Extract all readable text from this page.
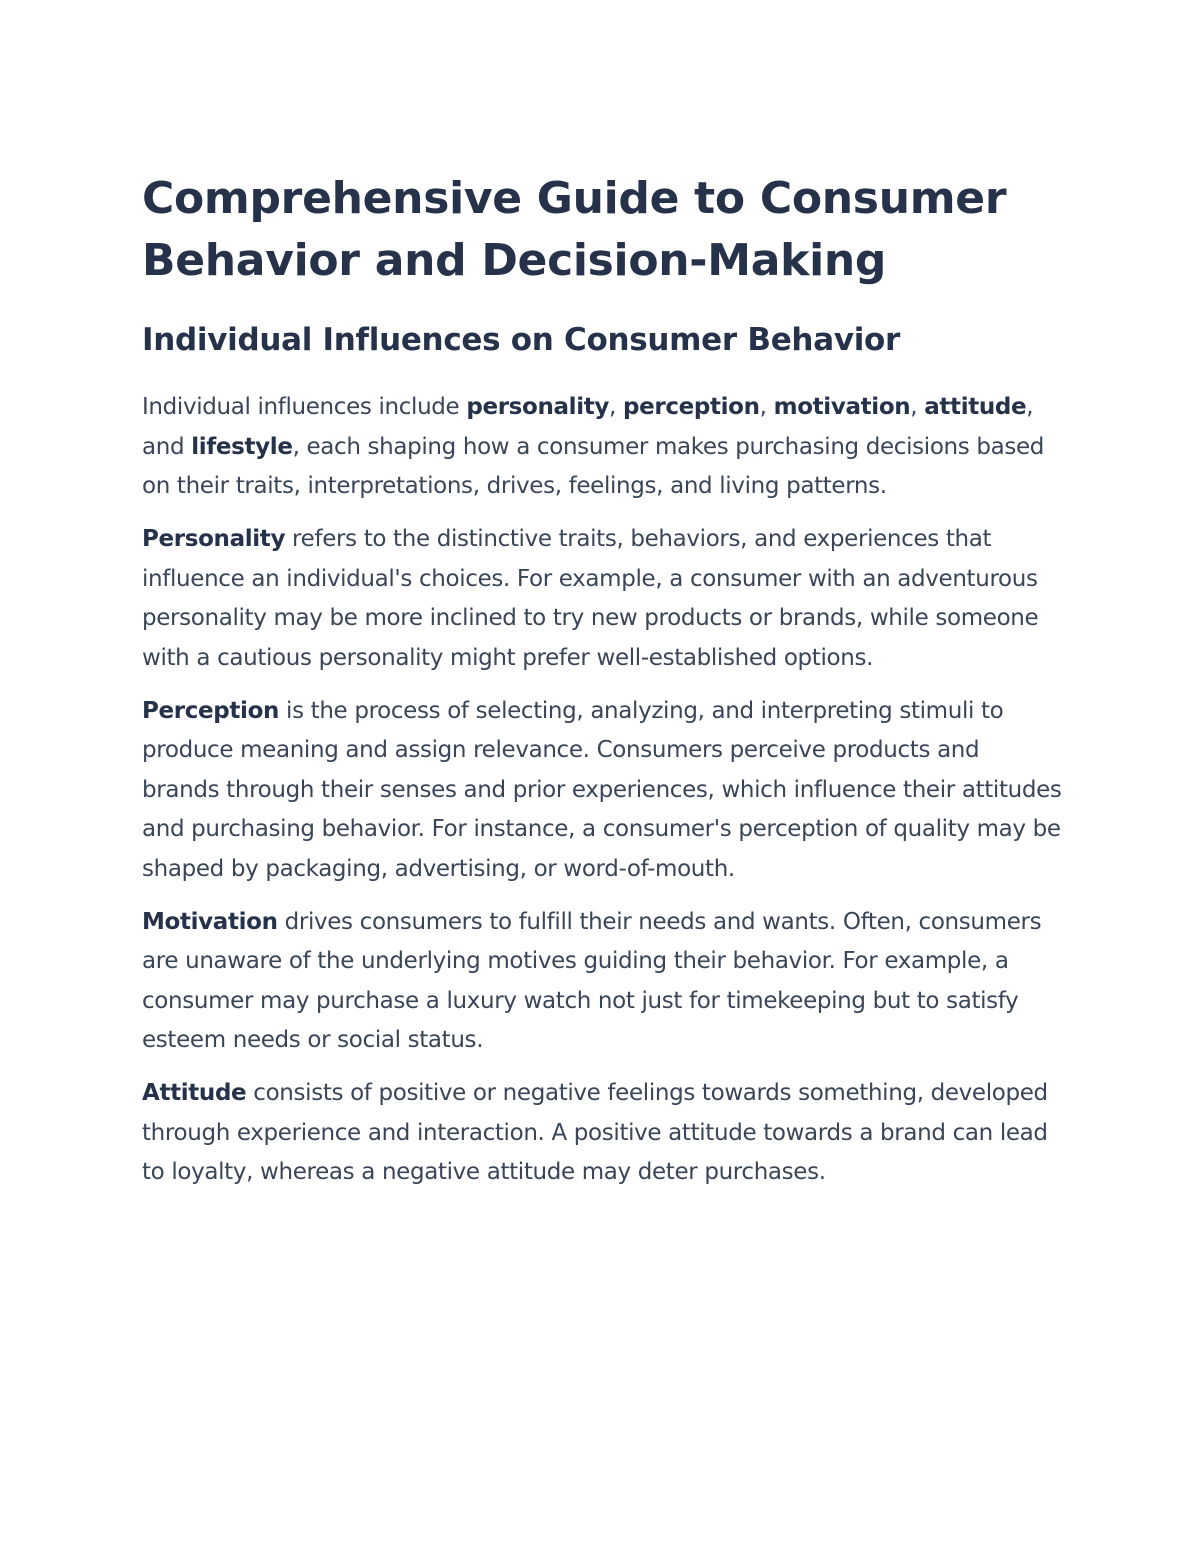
Comprehensive Guide to Consumer Behavior and Decision-Making
Individual Influences on Consumer Behavior

Individual influences include personality, perception, motivation, attitude, and lifestyle, each shaping how a consumer makes purchasing decisions based on their traits, interpretations, drives, feelings, and living patterns.

Personality refers to the distinctive traits, behaviors, and experiences that influence an individual's choices. For example, a consumer with an adventurous personality may be more inclined to try new products or brands, while someone with a cautious personality might prefer well-established options.

Perception is the process of selecting, analyzing, and interpreting stimuli to produce meaning and assign relevance. Consumers perceive products and brands through their senses and prior experiences, which influence their attitudes and purchasing behavior. For instance, a consumer's perception of quality may be shaped by packaging, advertising, or word-of-mouth.

Motivation drives consumers to fulfill their needs and wants. Often, consumers are unaware of the underlying motives guiding their behavior. For example, a consumer may purchase a luxury watch not just for timekeeping but to satisfy esteem needs or social status.

Attitude consists of positive or negative feelings towards something, developed through experience and interaction. A positive attitude towards a brand can lead to loyalty, whereas a negative attitude may deter purchases.
